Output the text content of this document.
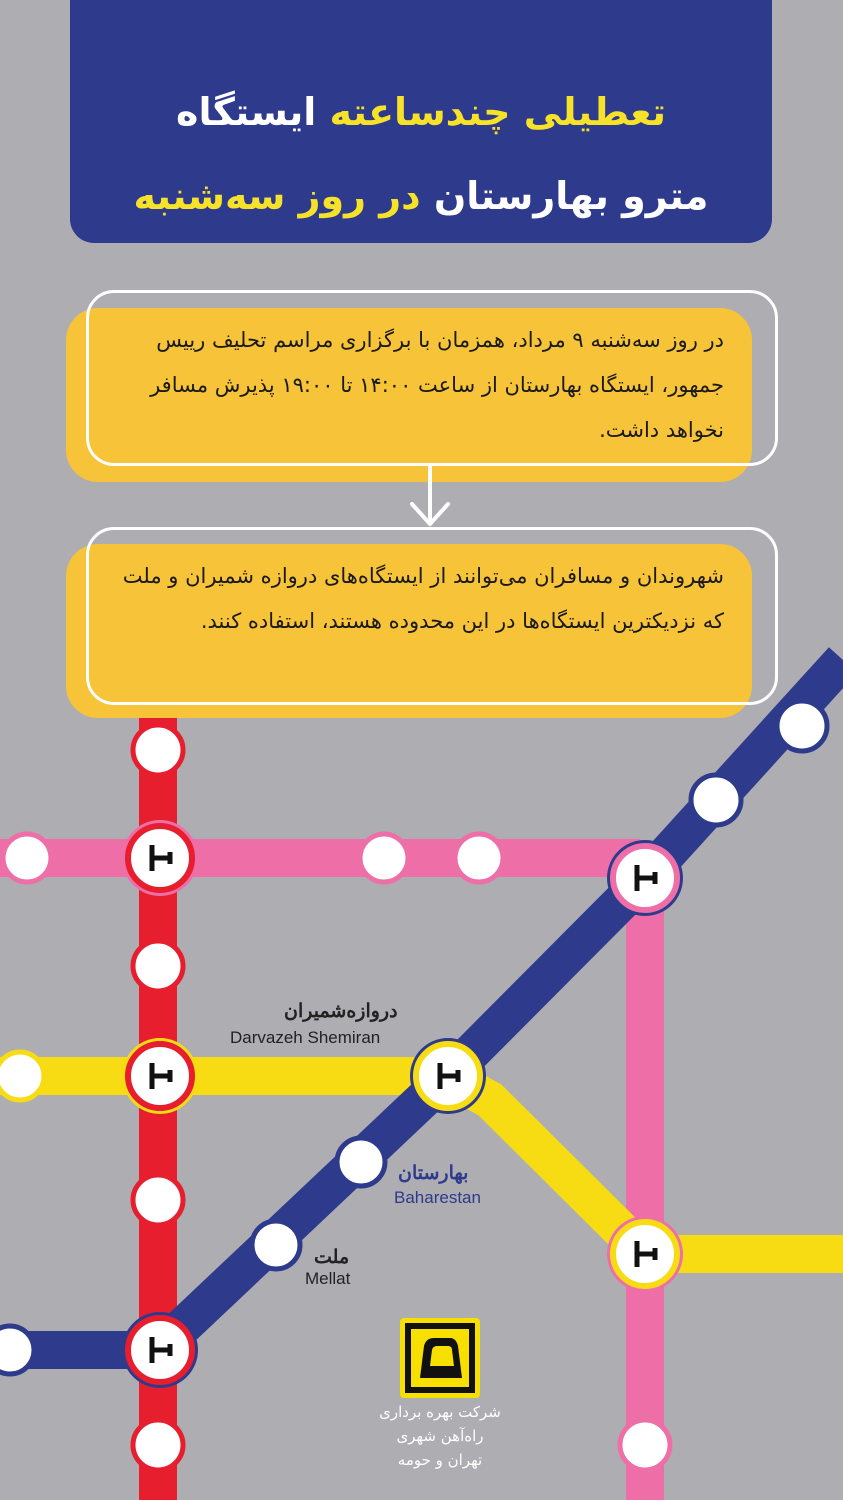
تعطیلی چندساعته ایستگاه
مترو بهارستان در روز سه‌شنبه
در روز سه‌شنبه ۹ مرداد، همزمان با برگزاری مراسم تحلیف رییس جمهور، ایستگاه بهارستان از ساعت ۱۴:۰۰ تا ۱۹:۰۰ پذیرش مسافر نخواهد داشت.
شهروندان و مسافران می‌توانند از ایستگاه‌های دروازه شمیران و ملت که نزدیکترین ایستگاه‌ها در این محدوده هستند، استفاده کنند.
دروازه‌شمیران
Darvazeh Shemiran
بهارستان
Baharestan
ملت
Mellat
شرکت بهره برداری
راه‌آهن شهری
تهران و حومه
